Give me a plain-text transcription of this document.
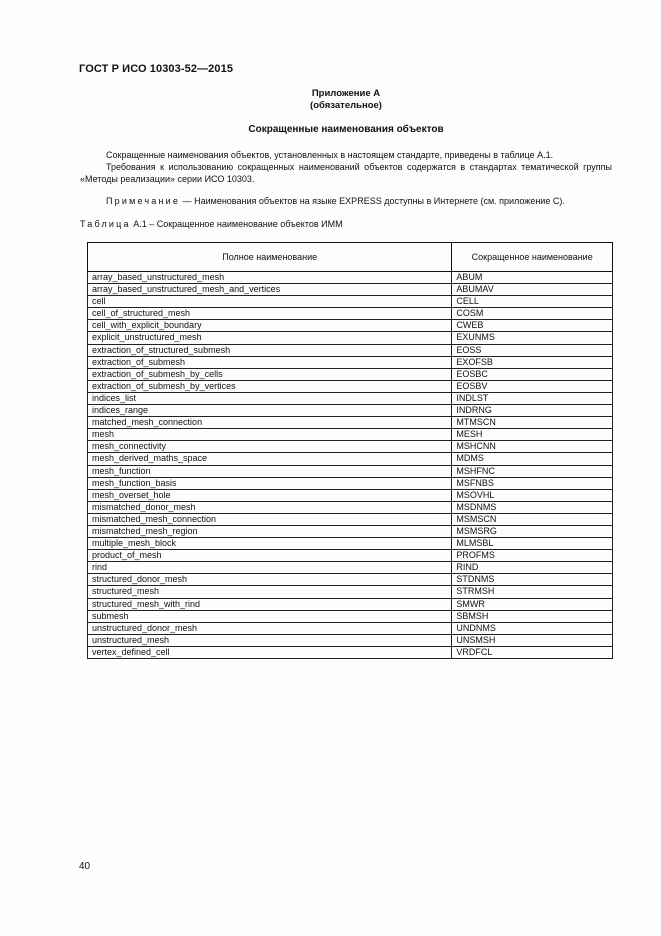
ГОСТ Р ИСО 10303-52—2015
Приложение А
(обязательное)
Сокращенные наименования объектов
Сокращенные наименования объектов, установленных в настоящем стандарте, приведены в таблице А.1.
Требования к использованию сокращенных наименований объектов содержатся в стандартах тематической группы «Методы реализации» серии ИСО 10303.
Примечание — Наименования объектов на языке EXPRESS доступны в Интернете (см. приложение С).
Таблица А.1 – Сокращенное наименование объектов ИММ
Полное наименование	Сокращенное наименование
array_based_unstructured_mesh	ABUM
array_based_unstructured_mesh_and_vertices	ABUMAV
cell	CELL
cell_of_structured_mesh	COSM
cell_with_explicit_boundary	CWEB
explicit_unstructured_mesh	EXUNMS
extraction_of_structured_submesh	EOSS
extraction_of_submesh	EXOFSB
extraction_of_submesh_by_cells	EOSBC
extraction_of_submesh_by_vertices	EOSBV
indices_list	INDLST
indices_range	INDRNG
matched_mesh_connection	MTMSCN
mesh	MESH
mesh_connectivity	MSHCNN
mesh_derived_maths_space	MDMS
mesh_function	MSHFNC
mesh_function_basis	MSFNBS
mesh_overset_hole	MSOVHL
mismatched_donor_mesh	MSDNMS
mismatched_mesh_connection	MSMSCN
mismatched_mesh_region	MSMSRG
multiple_mesh_block	MLMSBL
product_of_mesh	PROFMS
rind	RIND
structured_donor_mesh	STDNMS
structured_mesh	STRMSH
structured_mesh_with_rind	SMWR
submesh	SBMSH
unstructured_donor_mesh	UNDNMS
unstructured_mesh	UNSMSH
vertex_defined_cell	VRDFCL
40
